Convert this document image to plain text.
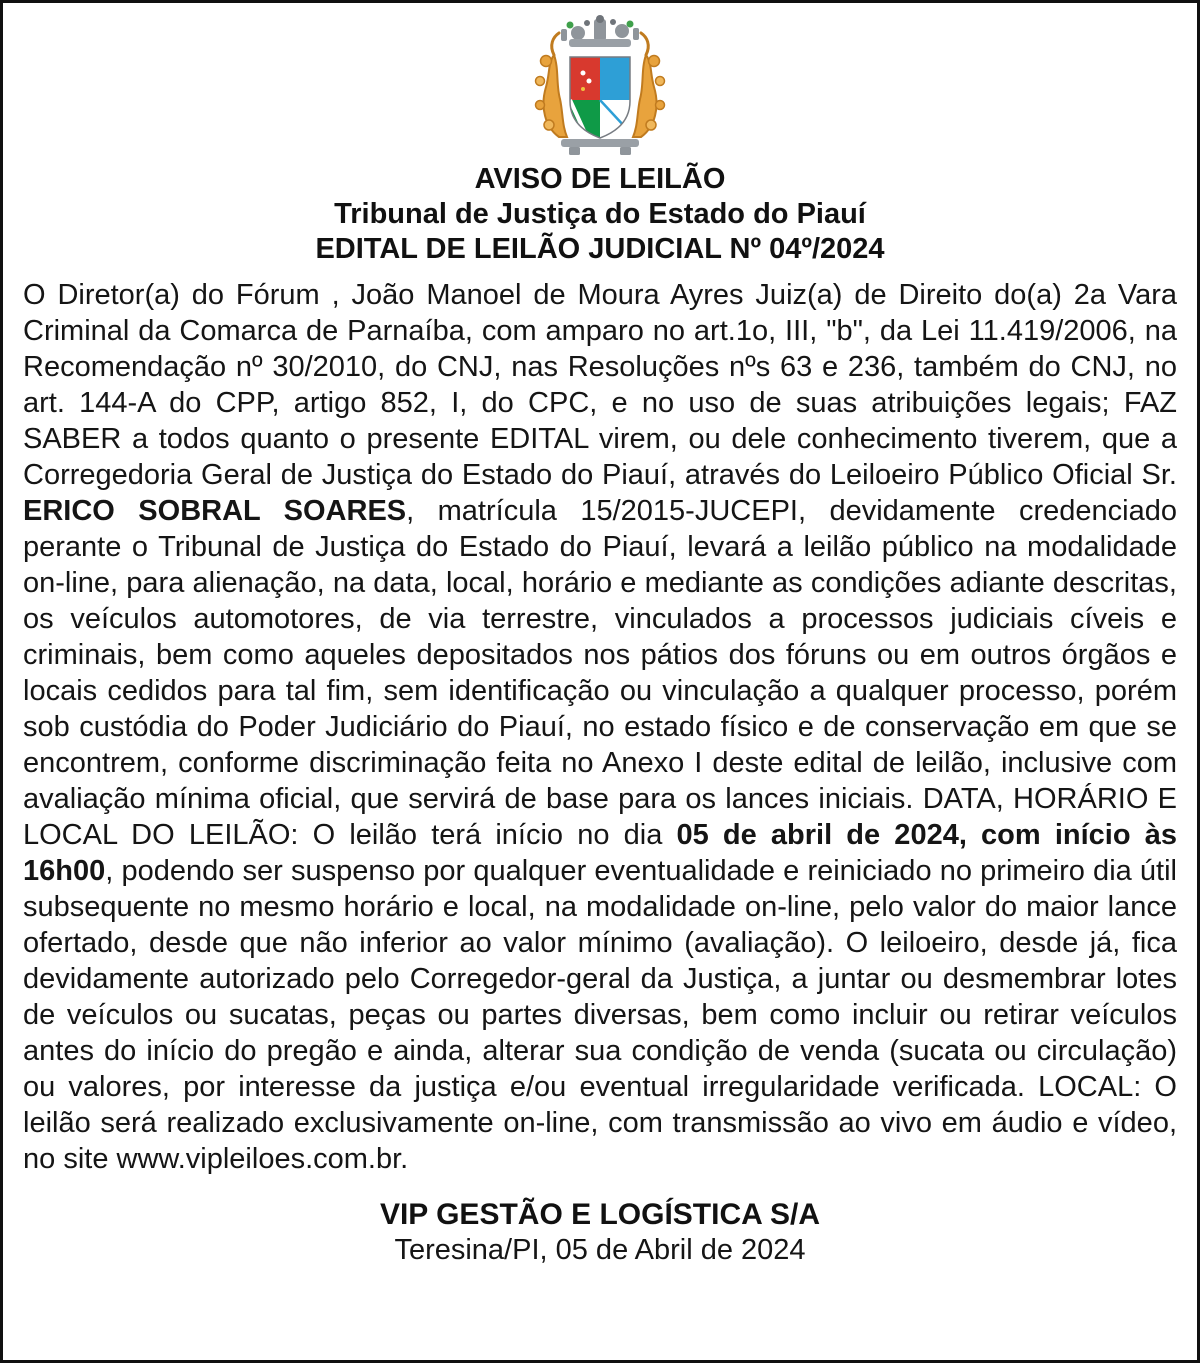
AVISO DE LEILÃO
Tribunal de Justiça do Estado do Piauí
EDITAL DE LEILÃO JUDICIAL Nº 04º/2024

O Diretor(a) do Fórum , João Manoel de Moura Ayres Juiz(a) de Direito do(a) 2a Vara Criminal da Comarca de Parnaíba, com amparo no art.1o, III, "b", da Lei 11.419/2006, na Recomendação nº 30/2010, do CNJ, nas Resoluções nºs 63 e 236, também do CNJ, no art. 144-A do CPP, artigo 852, I, do CPC, e no uso de suas atribuições legais; FAZ SABER a todos quanto o presente EDITAL virem, ou dele conhecimento tiverem, que a Corregedoria Geral de Justiça do Estado do Piauí, através do Leiloeiro Público Oficial Sr. ERICO SOBRAL SOARES, matrícula 15/2015-JUCEPI, devidamente credenciado perante o Tribunal de Justiça do Estado do Piauí, levará a leilão público na modalidade on-line, para alienação, na data, local, horário e mediante as condições adiante descritas, os veículos automotores, de via terrestre, vinculados a processos judiciais cíveis e criminais, bem como aqueles depositados nos pátios dos fóruns ou em outros órgãos e locais cedidos para tal fim, sem identificação ou vinculação a qualquer processo, porém sob custódia do Poder Judiciário do Piauí, no estado físico e de conservação em que se encontrem, conforme discriminação feita no Anexo I deste edital de leilão, inclusive com avaliação mínima oficial, que servirá de base para os lances iniciais. DATA, HORÁRIO E LOCAL DO LEILÃO: O leilão terá início no dia 05 de abril de 2024, com início às 16h00, podendo ser suspenso por qualquer eventualidade e reiniciado no primeiro dia útil subsequente no mesmo horário e local, na modalidade on-line, pelo valor do maior lance ofertado, desde que não inferior ao valor mínimo (avaliação). O leiloeiro, desde já, fica devidamente autorizado pelo Corregedor-geral da Justiça, a juntar ou desmembrar lotes de veículos ou sucatas, peças ou partes diversas, bem como incluir ou retirar veículos antes do início do pregão e ainda, alterar sua condição de venda (sucata ou circulação) ou valores, por interesse da justiça e/ou eventual irregularidade verificada. LOCAL: O leilão será realizado exclusivamente on-line, com transmissão ao vivo em áudio e vídeo, no site www.vipleiloes.com.br.

VIP GESTÃO E LOGÍSTICA S/A
Teresina/PI, 05 de Abril de 2024
